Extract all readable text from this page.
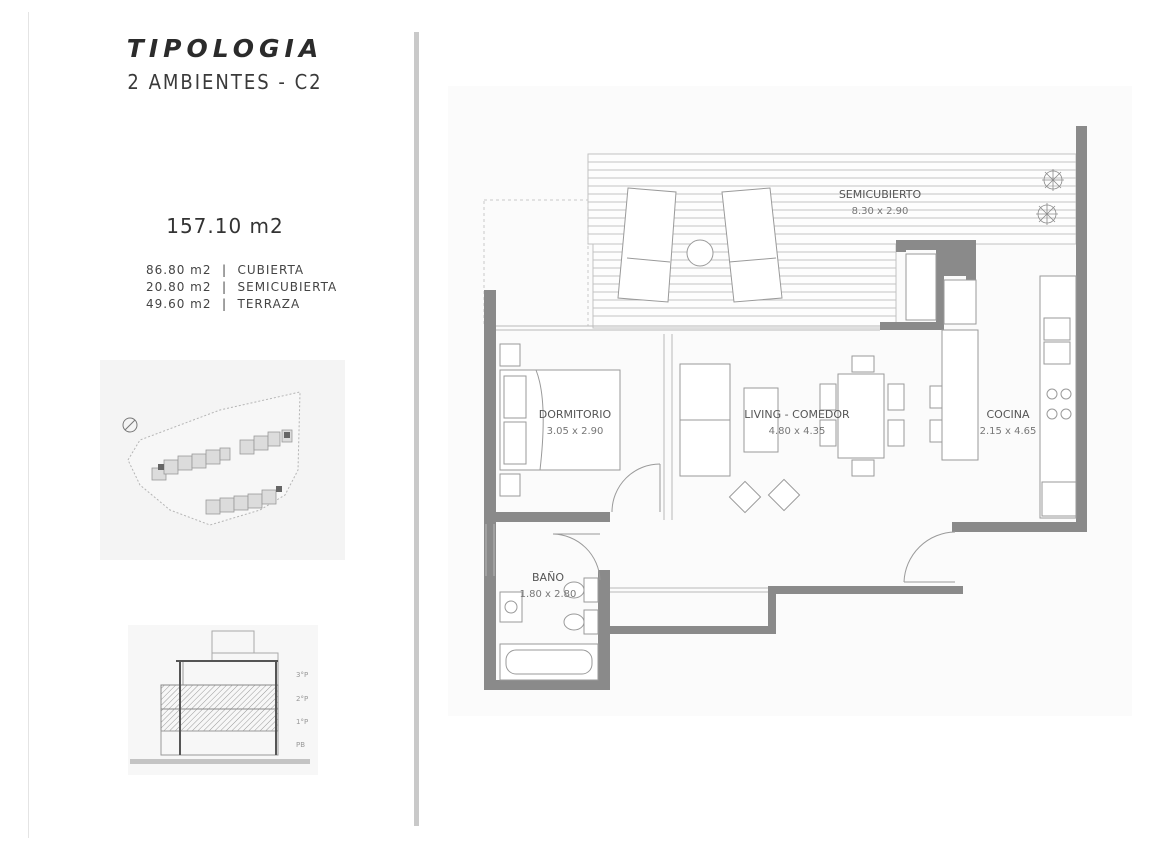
TIPOLOGIA
2 AMBIENTES - C2
157.10 m2
86.80 m2 | CUBIERTA
20.80 m2 | SEMICUBIERTA
49.60 m2 | TERRAZA
3°P
2°P
1°P
PB
SEMICUBIERTO
8.30 x 2.90
DORMITORIO
3.05 x 2.90
LIVING - COMEDOR
4.80 x 4.35
COCINA
2.15 x 4.65
BAÑO
1.80 x 2.80
